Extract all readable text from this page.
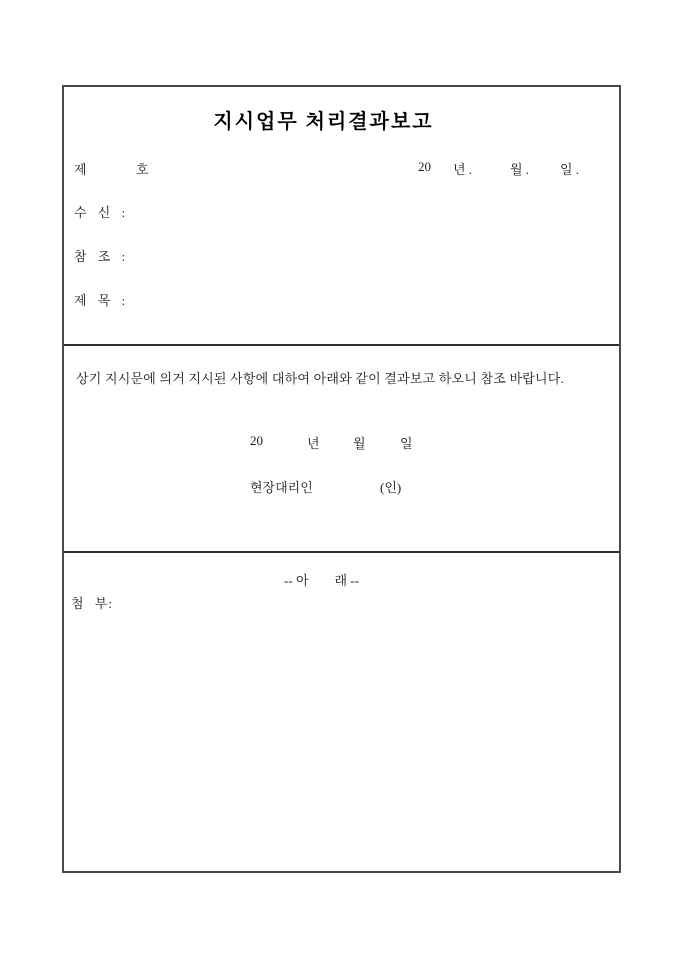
지시업무 처리결과보고
제	호	20 년 .	월 . 일 .
수 신 :
참 조 :
제 목 :
상기 지시문에 의거 지시된 사항에 대하여 아래와 같이 결과보고 하오니 참조 바랍니다.
20	년	월	일
현장대리인	(인)
-- 아        래 --
첨 부:
